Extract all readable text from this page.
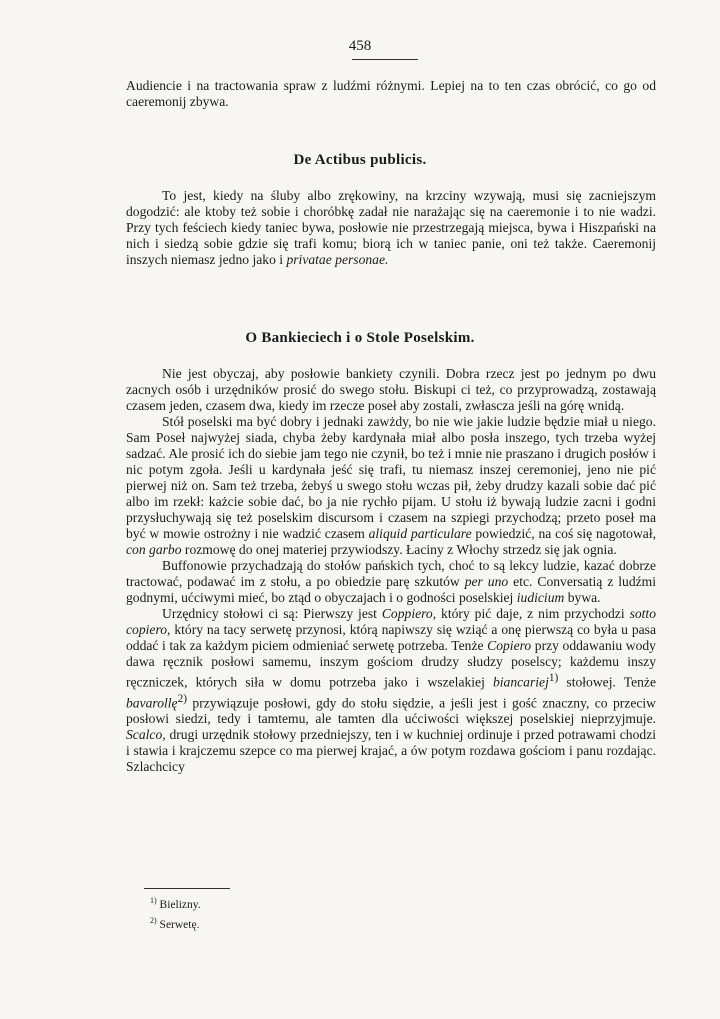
458

Audiencie i na tractowania spraw z ludźmi różnymi. Lepiej na to ten czas obrócić, co go od caeremonij zbywa.

De Actibus publicis.

To jest, kiedy na śluby albo zrękowiny, na krzciny wzywają, musi się zacniejszym dogodzić: ale ktoby też sobie i choróbkę zadał nie narażając się na caeremonie i to nie wadzi. Przy tych feściech kiedy taniec bywa, posłowie nie przestrzegają miejsca, bywa i Hiszpański na nich i siedzą sobie gdzie się trafi komu; biorą ich w taniec panie, oni też także. Caeremonij inszych niemasz jedno jako i privatae personae.

O Bankieciech i o Stole Poselskim.

Nie jest obyczaj, aby posłowie bankiety czynili. Dobra rzecz jest po jednym po dwu zacnych osób i urzędników prosić do swego stołu. Biskupi ci też, co przyprowadzą, zostawają czasem jeden, czasem dwa, kiedy im rzecze poseł aby zostali, zwłascza jeśli na górę wnidą.

Stół poselski ma być dobry i jednaki zawżdy, bo nie wie jakie ludzie będzie miał u niego. Sam Poseł najwyżej siada, chyba żeby kardynała miał albo posła inszego, tych trzeba wyżej sadzać. Ale prosić ich do siebie jam tego nie czynił, bo też i mnie nie praszano i drugich posłów i nic potym zgoła. Jeśli u kardynała jeść się trafi, tu niemasz inszej ceremoniej, jeno nie pić pierwej niż on. Sam też trzeba, żebyś u swego stołu wczas pił, żeby drudzy kazali sobie dać pić albo im rzekł: każcie sobie dać, bo ja nie rychło pijam. U stołu iż bywają ludzie zacni i godni przysłuchywają się też poselskim discursom i czasem na szpiegi przychodzą; przeto poseł ma być w mowie ostrożny i nie wadzić czasem aliquid particulare powiedzić, na coś się nagotował, con garbo rozmowę do onej materiej przywiodszy. Łaciny z Włochy strzedz się jak ognia.

Buffonowie przychadzają do stołów pańskich tych, choć to są lekcy ludzie, kazać dobrze tractować, podawać im z stołu, a po obiedzie parę szkutów per uno etc. Conversatią z ludźmi godnymi, ućciwymi mieć, bo ztąd o obyczajach i o godności poselskiej iudicium bywa.

Urzędnicy stołowi ci są: Pierwszy jest Coppiero, który pić daje, z nim przychodzi sotto copiero, który na tacy serwetę przynosi, którą napiwszy się wziąć a onę pierwszą co była u pasa oddać i tak za każdym piciem odmieniać serwetę potrzeba. Tenże Copiero przy oddawaniu wody dawa ręcznik posłowi samemu, inszym gościom drudzy słudzy poselscy; każdemu inszy ręczniczek, których siła w domu potrzeba jako i wszelakiej biancariej$^{1)}$ stołowej. Tenże bavarollę$^{2)}$ przywiązuje posłowi, gdy do stołu siędzie, a jeśli jest i gość znaczny, co przeciw posłowi siedzi, tedy i tamtemu, ale tamten dla ućciwości większej poselskiej nieprzyjmuje. Scalco, drugi urzędnik stołowy przedniejszy, ten i w kuchniej ordinuje i przed potrawami chodzi i stawia i krajczemu szepce co ma pierwej krajać, a ów potym rozdawa gościom i panu rozdając. Szlachcicy

$^{1)}$ Bielizny.
$^{2)}$ Serwetę.
